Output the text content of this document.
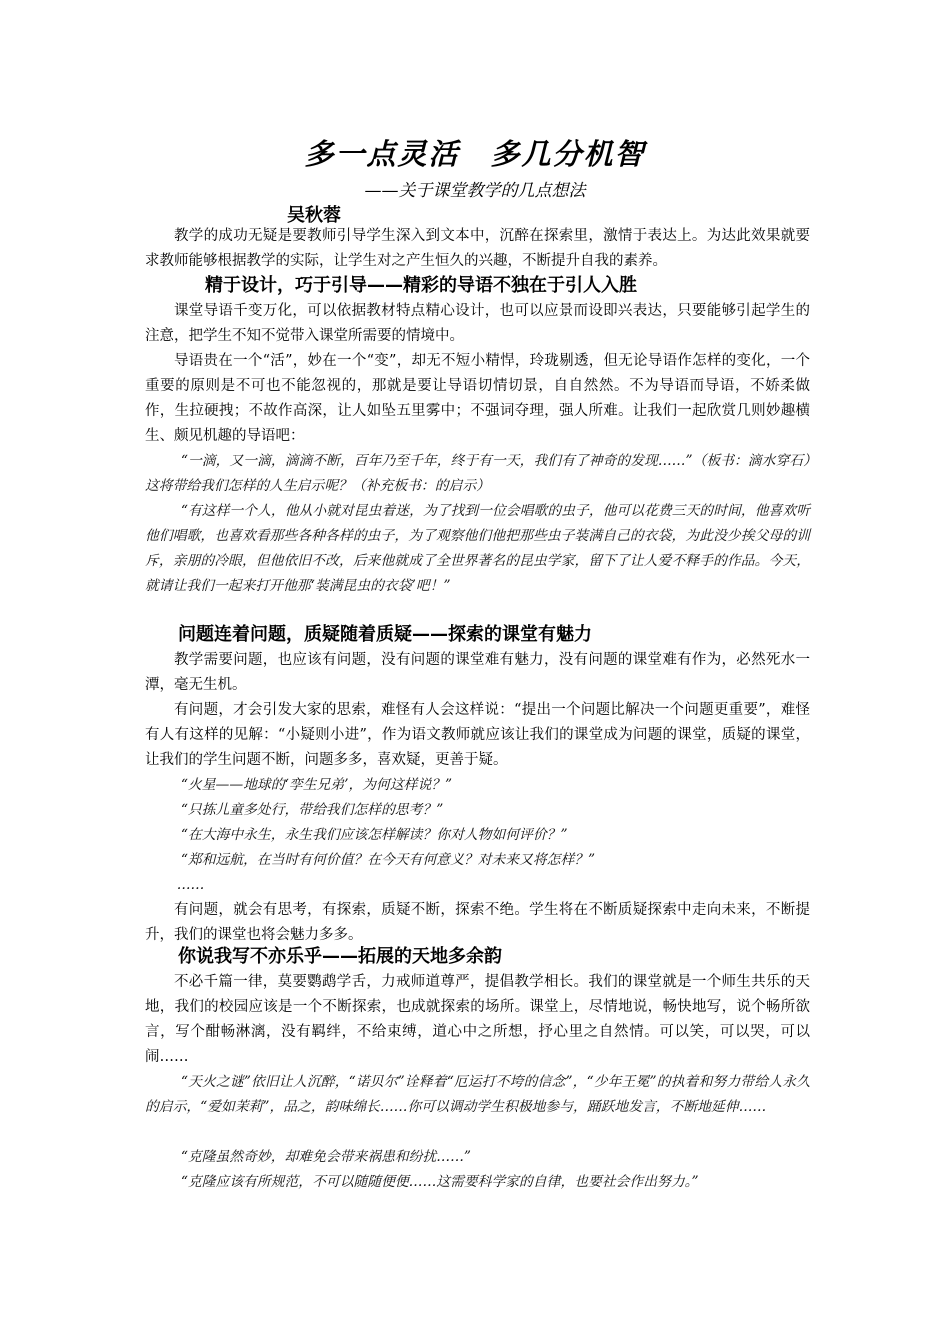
多一点灵活　多几分机智
——关于课堂教学的几点想法
吴秋蓉

教学的成功无疑是要教师引导学生深入到文本中，沉醉在探索里，激情于表达上。为达此效果就要求教师能够根据教学的实际，让学生对之产生恒久的兴趣，不断提升自我的素养。

精于设计，巧于引导——精彩的导语不独在于引人入胜

课堂导语千变万化，可以依据教材特点精心设计，也可以应景而设即兴表达，只要能够引起学生的注意，把学生不知不觉带入课堂所需要的情境中。

导语贵在一个“活”，妙在一个“变”，却无不短小精悍，玲珑剔透，但无论导语作怎样的变化，一个重要的原则是不可也不能忽视的，那就是要让导语切情切景，自自然然。不为导语而导语，不娇柔做作，生拉硬拽；不故作高深，让人如坠五里雾中；不强词夺理，强人所难。让我们一起欣赏几则妙趣横生、颇见机趣的导语吧：

“一滴，又一滴，滴滴不断，百年乃至千年，终于有一天，我们有了神奇的发现……”（板书：滴水穿石）这将带给我们怎样的人生启示呢？（补充板书：的启示）

“有这样一个人，他从小就对昆虫着迷，为了找到一位会唱歌的虫子，他可以花费三天的时间，他喜欢听他们唱歌，也喜欢看那些各种各样的虫子，为了观察他们他把那些虫子装满自己的衣袋，为此没少挨父母的训斥，亲朋的冷眼，但他依旧不改，后来他就成了全世界著名的昆虫学家，留下了让人爱不释手的作品。今天，就请让我们一起来打开他那‘装满昆虫的衣袋’吧！”

问题连着问题，质疑随着质疑——探索的课堂有魅力

教学需要问题，也应该有问题，没有问题的课堂难有魅力，没有问题的课堂难有作为，必然死水一潭，毫无生机。

有问题，才会引发大家的思索，难怪有人会这样说：“提出一个问题比解决一个问题更重要”，难怪有人有这样的见解：“小疑则小进”，作为语文教师就应该让我们的课堂成为问题的课堂，质疑的课堂，让我们的学生问题不断，问题多多，喜欢疑，更善于疑。

“火星——地球的‘孪生兄弟’，为何这样说？”

“只拣儿童多处行，带给我们怎样的思考？”

“在大海中永生，永生我们应该怎样解读？你对人物如何评价？”

“郑和远航，在当时有何价值？在今天有何意义？对未来又将怎样？”

……

有问题，就会有思考，有探索，质疑不断，探索不绝。学生将在不断质疑探索中走向未来，不断提升，我们的课堂也将会魅力多多。

你说我写不亦乐乎——拓展的天地多余韵

不必千篇一律，莫要鹦鹉学舌，力戒师道尊严，提倡教学相长。我们的课堂就是一个师生共乐的天地，我们的校园应该是一个不断探索，也成就探索的场所。课堂上，尽情地说，畅快地写，说个畅所欲言，写个酣畅淋漓，没有羁绊，不给束缚，道心中之所想，抒心里之自然情。可以笑，可以哭，可以闹……

“天火之谜”依旧让人沉醉，“诺贝尔”诠释着“厄运打不垮的信念”，“少年王冕”的执着和努力带给人永久的启示，“爱如茉莉”，品之，韵味绵长……你可以调动学生积极地参与，踊跃地发言，不断地延伸……

“克隆虽然奇妙，却难免会带来祸患和纷扰……”

“克隆应该有所规范，不可以随随便便……这需要科学家的自律，也要社会作出努力。”
